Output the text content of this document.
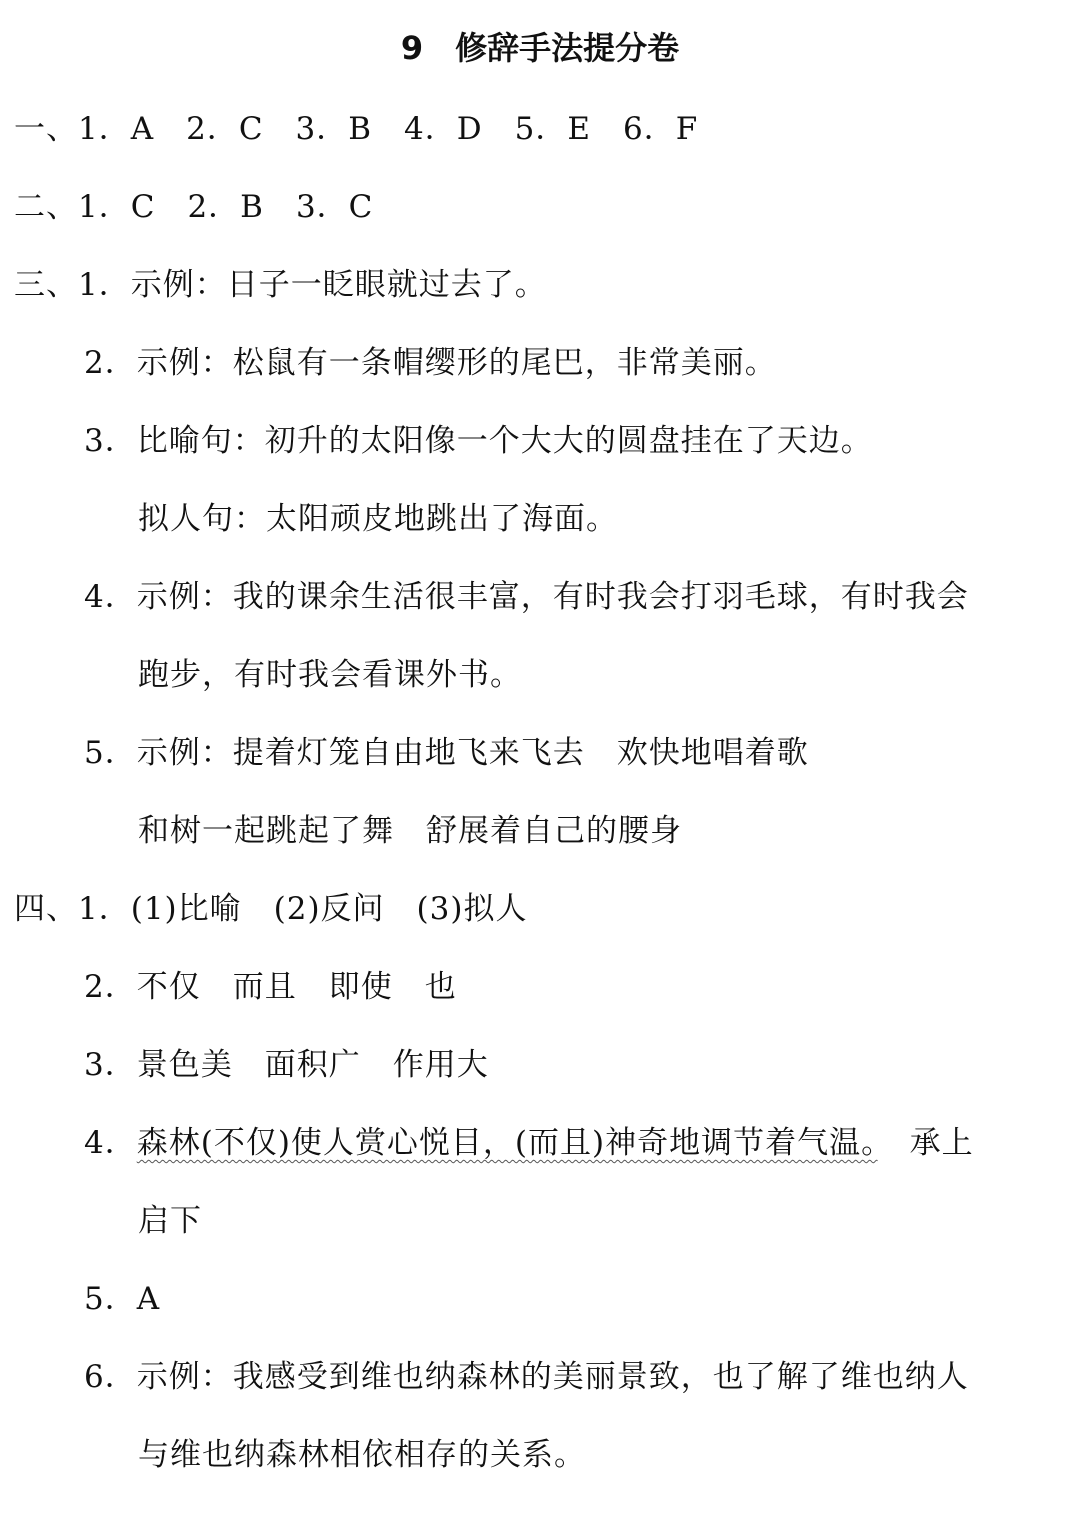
9　修辞手法提分卷
一、1．A　2．C　3．B　4．D　5．E　6．F
二、1．C　2．B　3．C
三、1．示例：日子一眨眼就过去了。
2．示例：松鼠有一条帽缨形的尾巴，非常美丽。
3．比喻句：初升的太阳像一个大大的圆盘挂在了天边。
拟人句：太阳顽皮地跳出了海面。
4．示例：我的课余生活很丰富，有时我会打羽毛球，有时我会
跑步，有时我会看课外书。
5．示例：提着灯笼自由地飞来飞去　欢快地唱着歌
和树一起跳起了舞　舒展着自己的腰身
四、1．(1)比喻　(2)反问　(3)拟人
2．不仅　而且　即使　也
3．景色美　面积广　作用大
4．森林(不仅)使人赏心悦目，(而且)神奇地调节着气温。　承上
启下
5．A
6．示例：我感受到维也纳森林的美丽景致，也了解了维也纳人
与维也纳森林相依相存的关系。
